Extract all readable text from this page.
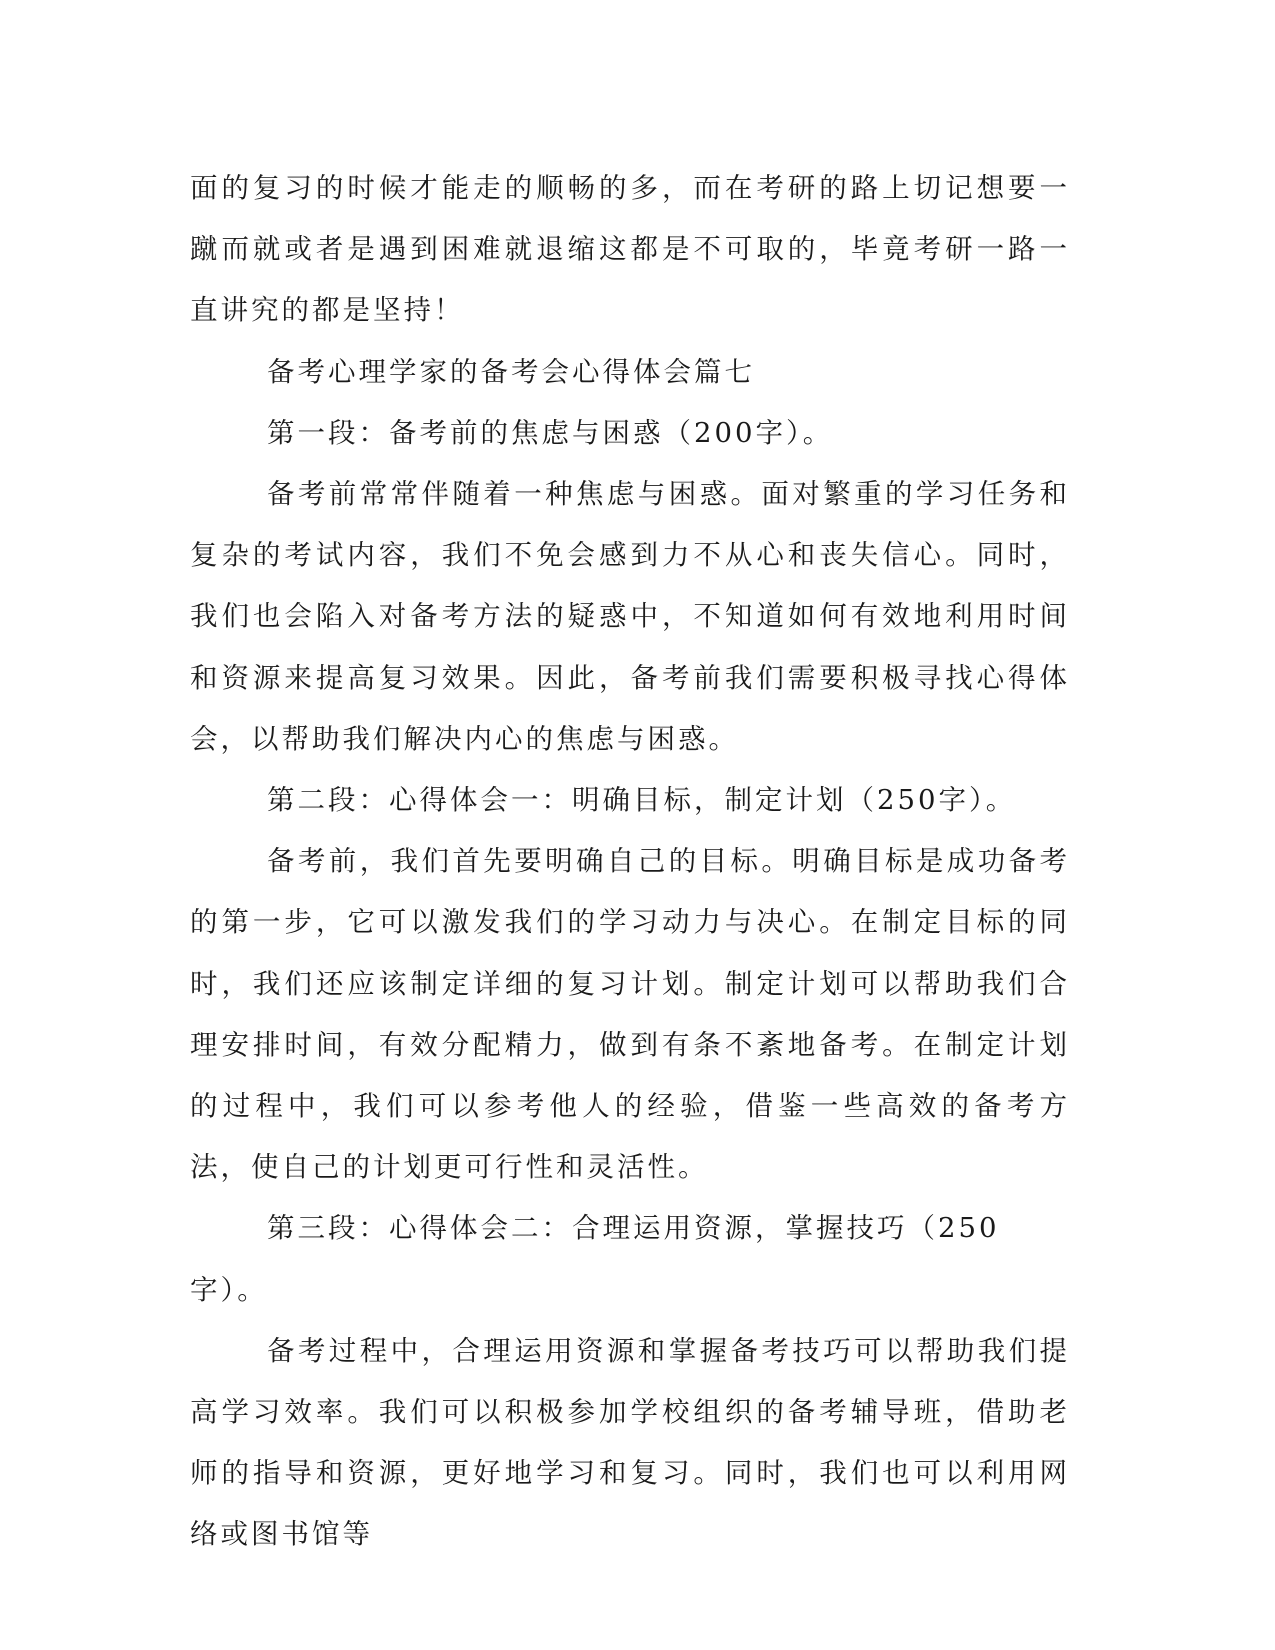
面的复习的时候才能走的顺畅的多，而在考研的路上切记想要一蹴而就或者是遇到困难就退缩这都是不可取的，毕竟考研一路一直讲究的都是坚持！

备考心理学家的备考会心得体会篇七

第一段：备考前的焦虑与困惑（200字）。

备考前常常伴随着一种焦虑与困惑。面对繁重的学习任务和复杂的考试内容，我们不免会感到力不从心和丧失信心。同时，我们也会陷入对备考方法的疑惑中，不知道如何有效地利用时间和资源来提高复习效果。因此，备考前我们需要积极寻找心得体会，以帮助我们解决内心的焦虑与困惑。

第二段：心得体会一：明确目标，制定计划（250字）。

备考前，我们首先要明确自己的目标。明确目标是成功备考的第一步，它可以激发我们的学习动力与决心。在制定目标的同时，我们还应该制定详细的复习计划。制定计划可以帮助我们合理安排时间，有效分配精力，做到有条不紊地备考。在制定计划的过程中，我们可以参考他人的经验，借鉴一些高效的备考方法，使自己的计划更可行性和灵活性。

第三段：心得体会二：合理运用资源，掌握技巧（250字）。

备考过程中，合理运用资源和掌握备考技巧可以帮助我们提高学习效率。我们可以积极参加学校组织的备考辅导班，借助老师的指导和资源，更好地学习和复习。同时，我们也可以利用网络或图书馆等
